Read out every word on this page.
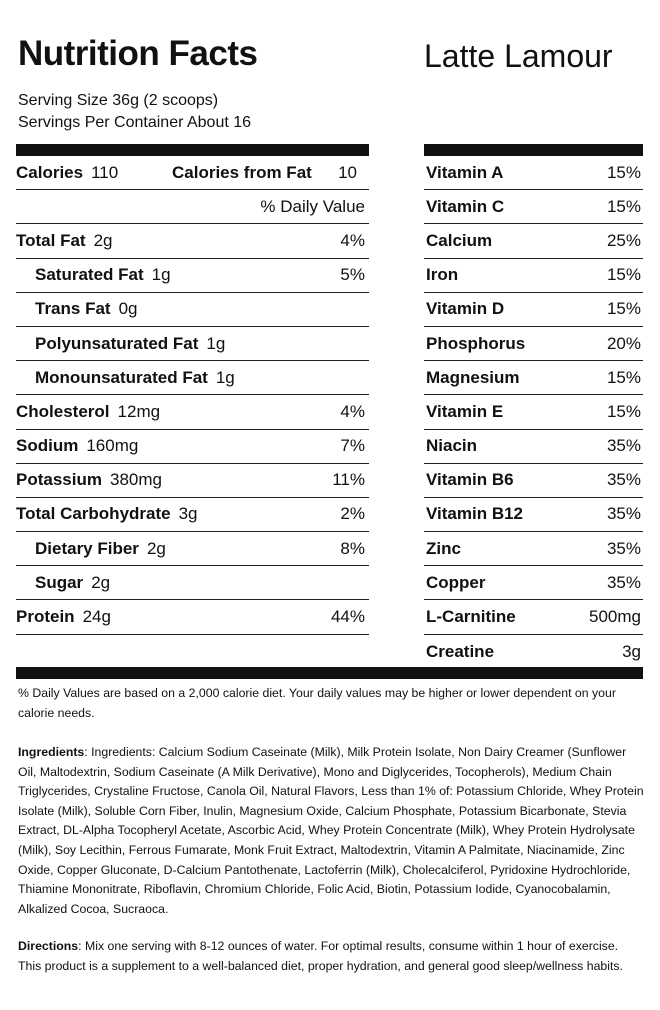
Nutrition Facts	Latte Lamour
Serving Size 36g (2 scoops)
Servings Per Container About 16
Calories 110	Calories from Fat 10
% Daily Value
Total Fat 2g	4%
Saturated Fat 1g	5%
Trans Fat 0g
Polyunsaturated Fat 1g
Monounsaturated Fat 1g
Cholesterol 12mg	4%
Sodium 160mg	7%
Potassium 380mg	11%
Total Carbohydrate 3g	2%
Dietary Fiber 2g	8%
Sugar 2g
Protein 24g	44%
Vitamin A	15%
Vitamin C	15%
Calcium	25%
Iron	15%
Vitamin D	15%
Phosphorus	20%
Magnesium	15%
Vitamin E	15%
Niacin	35%
Vitamin B6	35%
Vitamin B12	35%
Zinc	35%
Copper	35%
L-Carnitine	500mg
Creatine	3g
% Daily Values are based on a 2,000 calorie diet. Your daily values may be higher or lower dependent on your calorie needs.
Ingredients: Ingredients: Calcium Sodium Caseinate (Milk), Milk Protein Isolate, Non Dairy Creamer (Sunflower Oil, Maltodextrin, Sodium Caseinate (A Milk Derivative), Mono and Diglycerides, Tocopherols), Medium Chain Triglycerides, Crystaline Fructose, Canola Oil, Natural Flavors, Less than 1% of: Potassium Chloride, Whey Protein Isolate (Milk), Soluble Corn Fiber, Inulin, Magnesium Oxide, Calcium Phosphate, Potassium Bicarbonate, Stevia Extract, DL-Alpha Tocopheryl Acetate, Ascorbic Acid, Whey Protein Concentrate (Milk), Whey Protein Hydrolysate (Milk), Soy Lecithin, Ferrous Fumarate, Monk Fruit Extract, Maltodextrin, Vitamin A Palmitate, Niacinamide, Zinc Oxide, Copper Gluconate, D-Calcium Pantothenate, Lactoferrin (Milk), Cholecalciferol, Pyridoxine Hydrochloride, Thiamine Mononitrate, Riboflavin, Chromium Chloride, Folic Acid, Biotin, Potassium Iodide, Cyanocobalamin, Alkalized Cocoa, Sucraoca.
Directions: Mix one serving with 8-12 ounces of water. For optimal results, consume within 1 hour of exercise. This product is a supplement to a well-balanced diet, proper hydration, and general good sleep/wellness habits.
